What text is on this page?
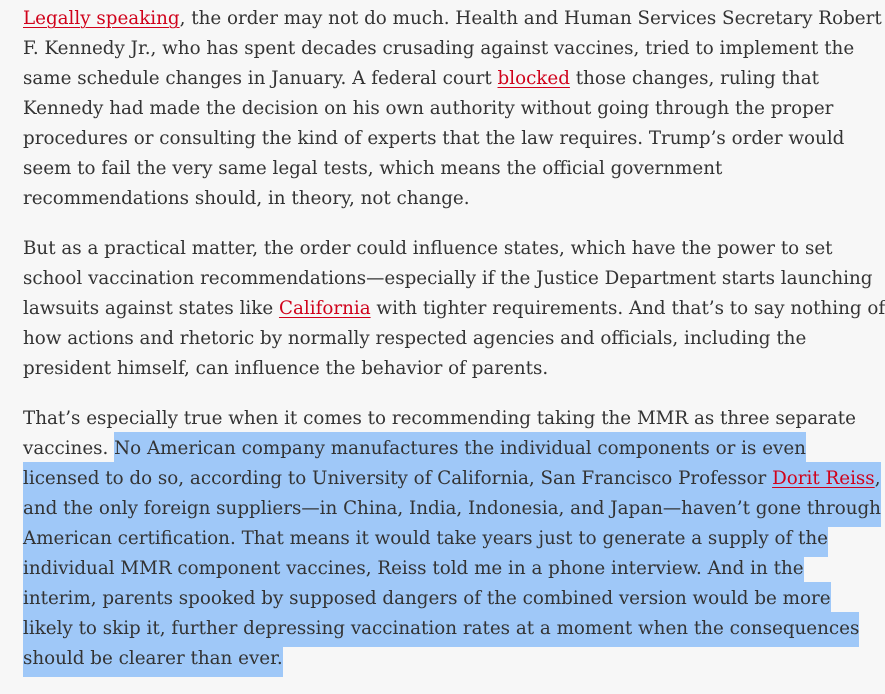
Legally speaking, the order may not do much. Health and Human Services Secretary Robert
F. Kennedy Jr., who has spent decades crusading against vaccines, tried to implement the
same schedule changes in January. A federal court blocked those changes, ruling that
Kennedy had made the decision on his own authority without going through the proper
procedures or consulting the kind of experts that the law requires. Trump’s order would
seem to fail the very same legal tests, which means the official government
recommendations should, in theory, not change.

But as a practical matter, the order could influence states, which have the power to set
school vaccination recommendations—especially if the Justice Department starts launching
lawsuits against states like California with tighter requirements. And that’s to say nothing of
how actions and rhetoric by normally respected agencies and officials, including the
president himself, can influence the behavior of parents.

That’s especially true when it comes to recommending taking the MMR as three separate
vaccines. No American company manufactures the individual components or is even
licensed to do so, according to University of California, San Francisco Professor Dorit Reiss,
and the only foreign suppliers—in China, India, Indonesia, and Japan—haven’t gone through
American certification. That means it would take years just to generate a supply of the
individual MMR component vaccines, Reiss told me in a phone interview. And in the
interim, parents spooked by supposed dangers of the combined version would be more
likely to skip it, further depressing vaccination rates at a moment when the consequences
should be clearer than ever.
